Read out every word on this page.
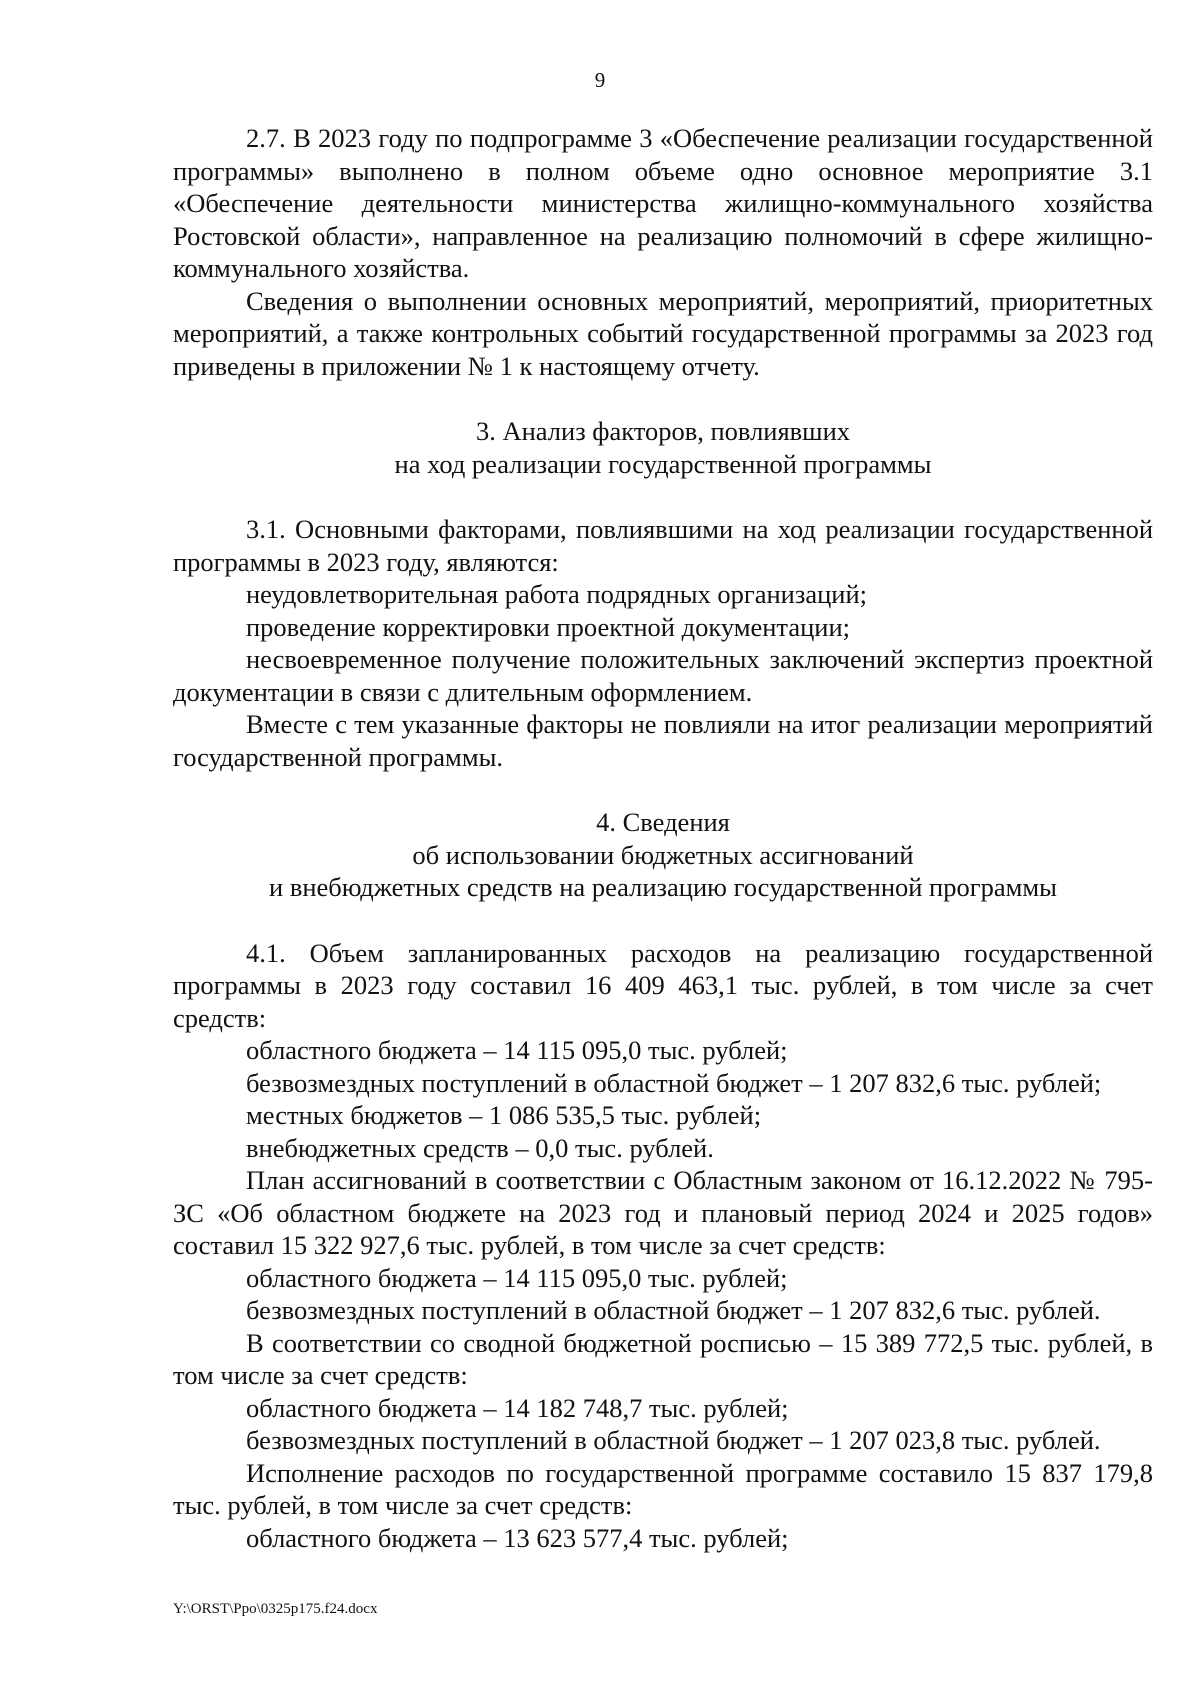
9

2.7. В 2023 году по подпрограмме 3 «Обеспечение реализации государственной программы» выполнено в полном объеме одно основное мероприятие 3.1 «Обеспечение деятельности министерства жилищно-коммунального хозяйства Ростовской области», направленное на реализацию полномочий в сфере жилищно-коммунального хозяйства.

Сведения о выполнении основных мероприятий, мероприятий, приоритетных мероприятий, а также контрольных событий государственной программы за 2023 год приведены в приложении № 1 к настоящему отчету.

3. Анализ факторов, повлиявших

на ход реализации государственной программы

3.1. Основными факторами, повлиявшими на ход реализации государственной программы в 2023 году, являются:

неудовлетворительная работа подрядных организаций;

проведение корректировки проектной документации;

несвоевременное получение положительных заключений экспертиз проектной документации в связи с длительным оформлением.

Вместе с тем указанные факторы не повлияли на итог реализации мероприятий государственной программы.

4. Сведения

об использовании бюджетных ассигнований

и внебюджетных средств на реализацию государственной программы

4.1. Объем запланированных расходов на реализацию государственной программы в 2023 году составил 16 409 463,1 тыс. рублей, в том числе за счет средств:

областного бюджета – 14 115 095,0 тыс. рублей;

безвозмездных поступлений в областной бюджет – 1 207 832,6 тыс. рублей;

местных бюджетов – 1 086 535,5 тыс. рублей;

внебюджетных средств – 0,0 тыс. рублей.

План ассигнований в соответствии с Областным законом от 16.12.2022 № 795-ЗС «Об областном бюджете на 2023 год и плановый период 2024 и 2025 годов» составил 15 322 927,6 тыс. рублей, в том числе за счет средств:

областного бюджета – 14 115 095,0 тыс. рублей;

безвозмездных поступлений в областной бюджет – 1 207 832,6 тыс. рублей.

В соответствии со сводной бюджетной росписью – 15 389 772,5 тыс. рублей, в том числе за счет средств:

областного бюджета – 14 182 748,7 тыс. рублей;

безвозмездных поступлений в областной бюджет – 1 207 023,8 тыс. рублей.

Исполнение расходов по государственной программе составило 15 837 179,8 тыс. рублей, в том числе за счет средств:

областного бюджета – 13 623 577,4 тыс. рублей;

Y:\ORST\Ppo\0325p175.f24.docx
